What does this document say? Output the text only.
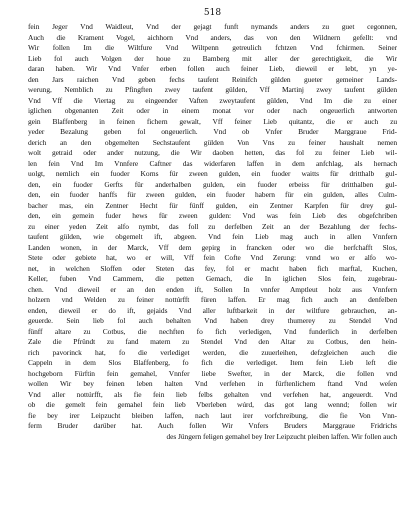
518
fein Jeger Vnd Waidleut, Vnd der gejagt funft nymands anders zu guet cegonnen,
Auch die Krament Vogel, aichhorn Vnd anders, das von den Wildnern gefellt: vnd
Wir follen Im die Wiltfure Vnd Wiltpenn getreulich fchtzen Vnd fchirmen. Seiner
Lieb fol auch Volgen der houe zu Bamberg mit aller der gerechtigkeit, die Wir
daran haben. Wir Vnd Vnfer erben follen auch feiner Lieb, dieweil er lebt, yn ye-
den Jars raichen Vnd geben fechs taufent Reinifch gülden gueter gemeiner Lands-
werung, Nemblich zu Pfingften zwey taufent gülden, Vff Martinj zwey taufent gülden
Vnd Vff die Viertag zu eingeender Vaften zweytaufent gülden, Vnd Im die zu einer
iglichen obgenanten Zeit oder in einem monat vor oder nach ongeuerlich antworten
gein Blaffenberg in feinen fichern gewalt, Vff feiner Lieb quitantz, die er auch zu
yeder Bezalung geben fol ongeuerlich. Vnd ob Vnfer Bruder Marggraue Frid-
derich an den obgemelten Sechstaufent gülden Von Vns zu feiner haushalt nemen
wolt getraid oder ander nutzung, die Wir daoben hetten, das fol zu feiner Lieb wil-
len fein Vnd Im Vnnfere Caftner das widerfaren laffen in dem anfchlag, als hernach
uolgt, nemlich ein fuoder Korns für zween gulden, ein fuoder waitts für dritthalb gul-
den, ein fuoder Gerfts für anderhalben gulden, ein fuoder erbeiss für dritthalben gul-
den, ein fuoder hanffs für zween gulden, ein fuoder habern für ein gulden, alles Culm-
bacher mas, ein Zentner Hecht für fünff gulden, ein Zentner Karpfen für drey gul-
den, ein gemein fuder hews für zween gulden: Vnd was fein Lieb des obgefchriben
zu einer yeden Zeit alfo nymbt, das foll zu derfelben Zeit an der Bezahlung der fechs-
taufent gülden, wie obgemelt ift, abgeen. Vnd fein Lieb mag auch in allen Vnnfern
Landen wonen, in der Marck, Vff dem gepirg in francken oder wo die herfchafft Slos,
Stete oder gebiete hat, wo er will, Vff fein Cofte Vnd Zerung: vnnd wo er alfo wo-
net, in welchen Sloffen oder Steten das fey, fol er macht haben fich marftal, Kuchen,
Keller, fuben Vnd Cammern, die petten Gemach, die In iglichen Slos fein, zugebrau-
chen. Vnd dieweil er an den enden ift, Sollen In vnnfer Amptleut holz aus Vnnfern
holzern vnd Welden zu feiner nottúrfft füren laffen. Er mag fich auch an denfelben
enden, dieweil er do ift, gejaids Vnd aller luftbarkeit in der wiltfure gebrauchen, an-
geuerde. Sein lieb fol auch behalten Vnd haben drey thumerey zu Stendel Vnd
fünff altare zu Cotbus, die nechften fo fich verledigen, Vnd funderlich in derfelben
Zale die Pfründt zu fand matern zu Stendel Vnd den Altar zu Cotbus, den hein-
rich pavorinck hat, fo die verlediget werden, die zuuerleihen, defzgleichen auch die
Cappeln in dem Slos Blaffenberg, fo fich die verlediget. Item fein Lieb left die
hochgeborn Fürftin fein gemahel, Vnnfer liebe Swefter, in der Marck, die follen vnd
wollen Wir bey feinen leben halten Vnd verfehen in fürftenlichem ftand Vnd weſen
Vnd aller nottúrfft, als fie fein lieb felbs gehalten vnd verfehen hat, angeuerdt. Vnd
ob die gemelt fein gemahel fein lieb Vberleben wúrd, das got lang wennd; follen wir
fie bey irer Leipzucht bleiben laffen, nach laut irer vorfchreibung, die fie Von Vnn-
ferm Bruder darüber hat. Auch follen Wir Vnfers Bruders Marggraue Fridrichs
des Jüngern feligen gemahel bey Irer Leipzucht pleiben laffen. Wir follen auch
